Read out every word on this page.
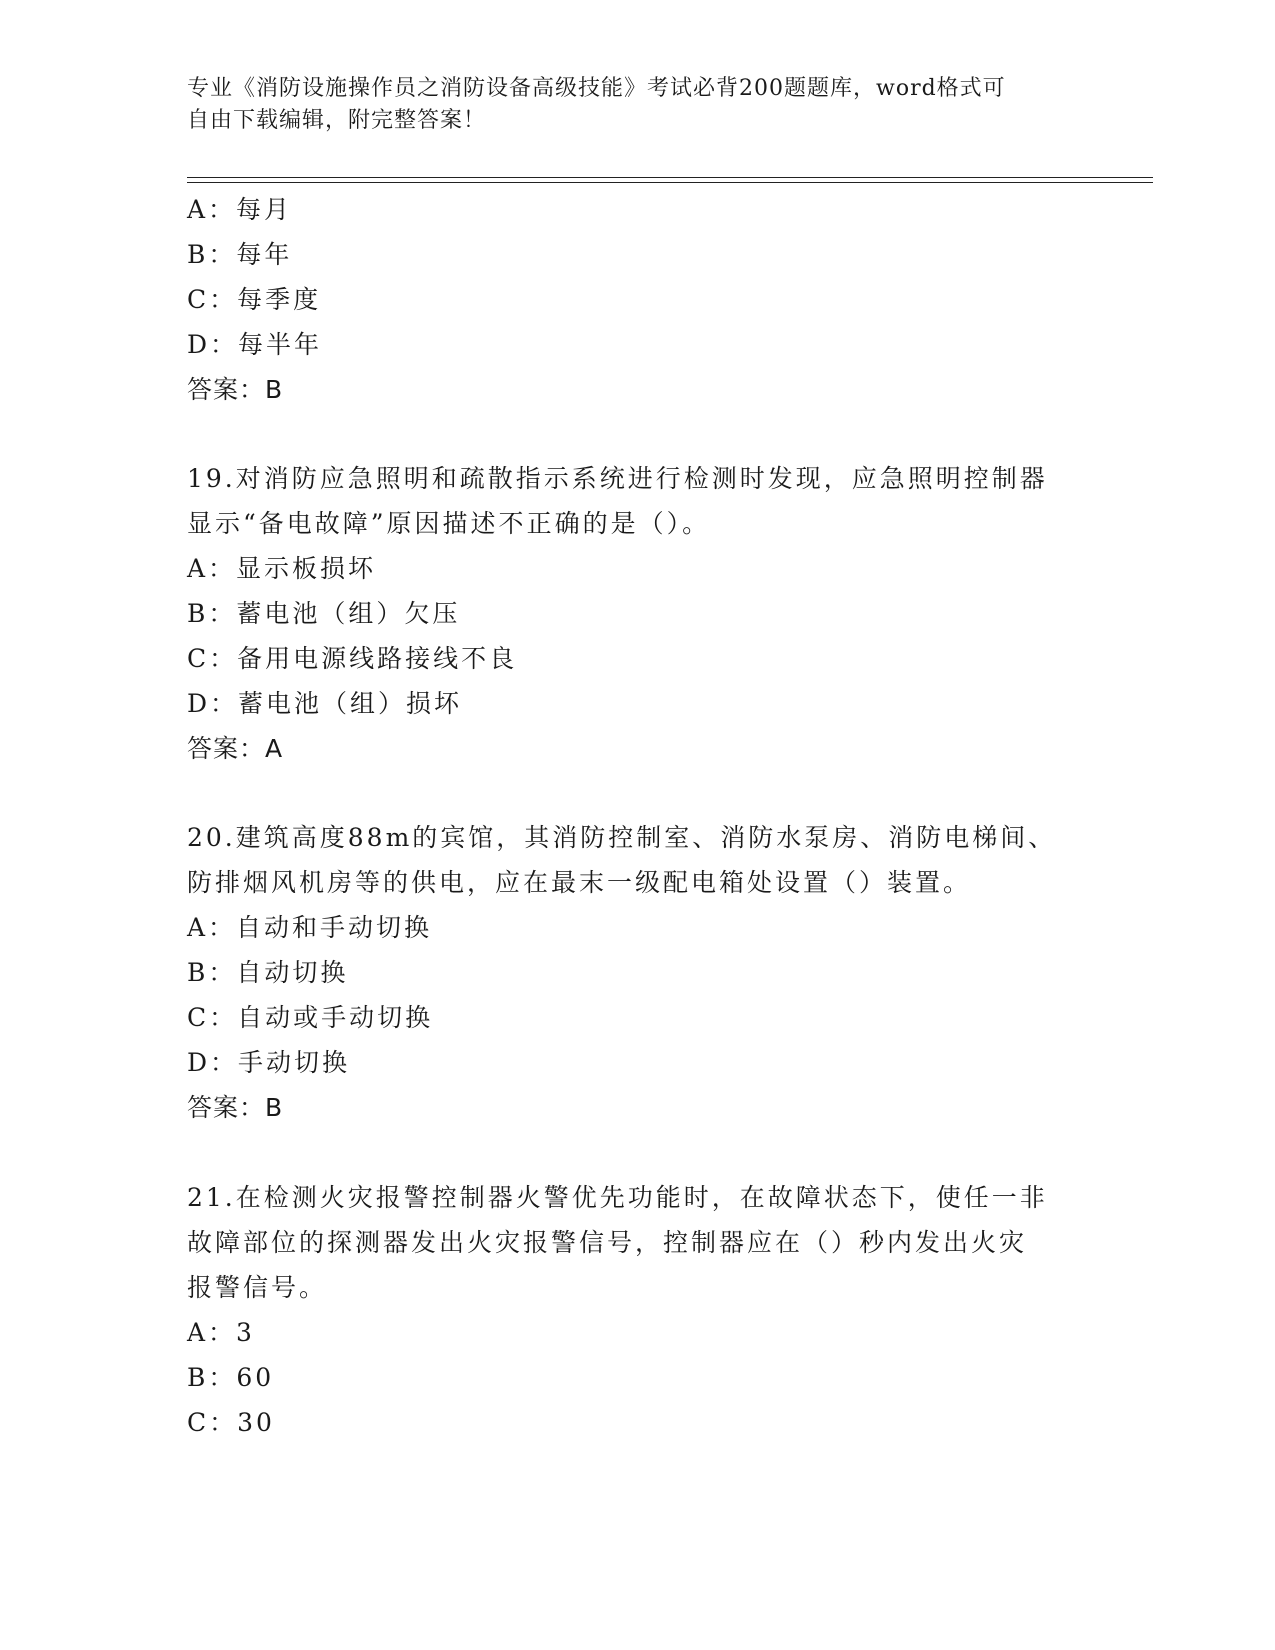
专业《消防设施操作员之消防设备高级技能》考试必背200题题库，word格式可
自由下载编辑，附完整答案！
A：每月
B：每年
C：每季度
D：每半年
答案：B
19.对消防应急照明和疏散指示系统进行检测时发现，应急照明控制器
显示“备电故障”原因描述不正确的是（）。
A：显示板损坏
B：蓄电池（组）欠压
C：备用电源线路接线不良
D：蓄电池（组）损坏
答案：A
20.建筑高度88m的宾馆，其消防控制室、消防水泵房、消防电梯间、
防排烟风机房等的供电，应在最末一级配电箱处设置（）装置。
A：自动和手动切换
B：自动切换
C：自动或手动切换
D：手动切换
答案：B
21.在检测火灾报警控制器火警优先功能时，在故障状态下，使任一非
故障部位的探测器发出火灾报警信号，控制器应在（）秒内发出火灾
报警信号。
A：3
B：60
C：30
